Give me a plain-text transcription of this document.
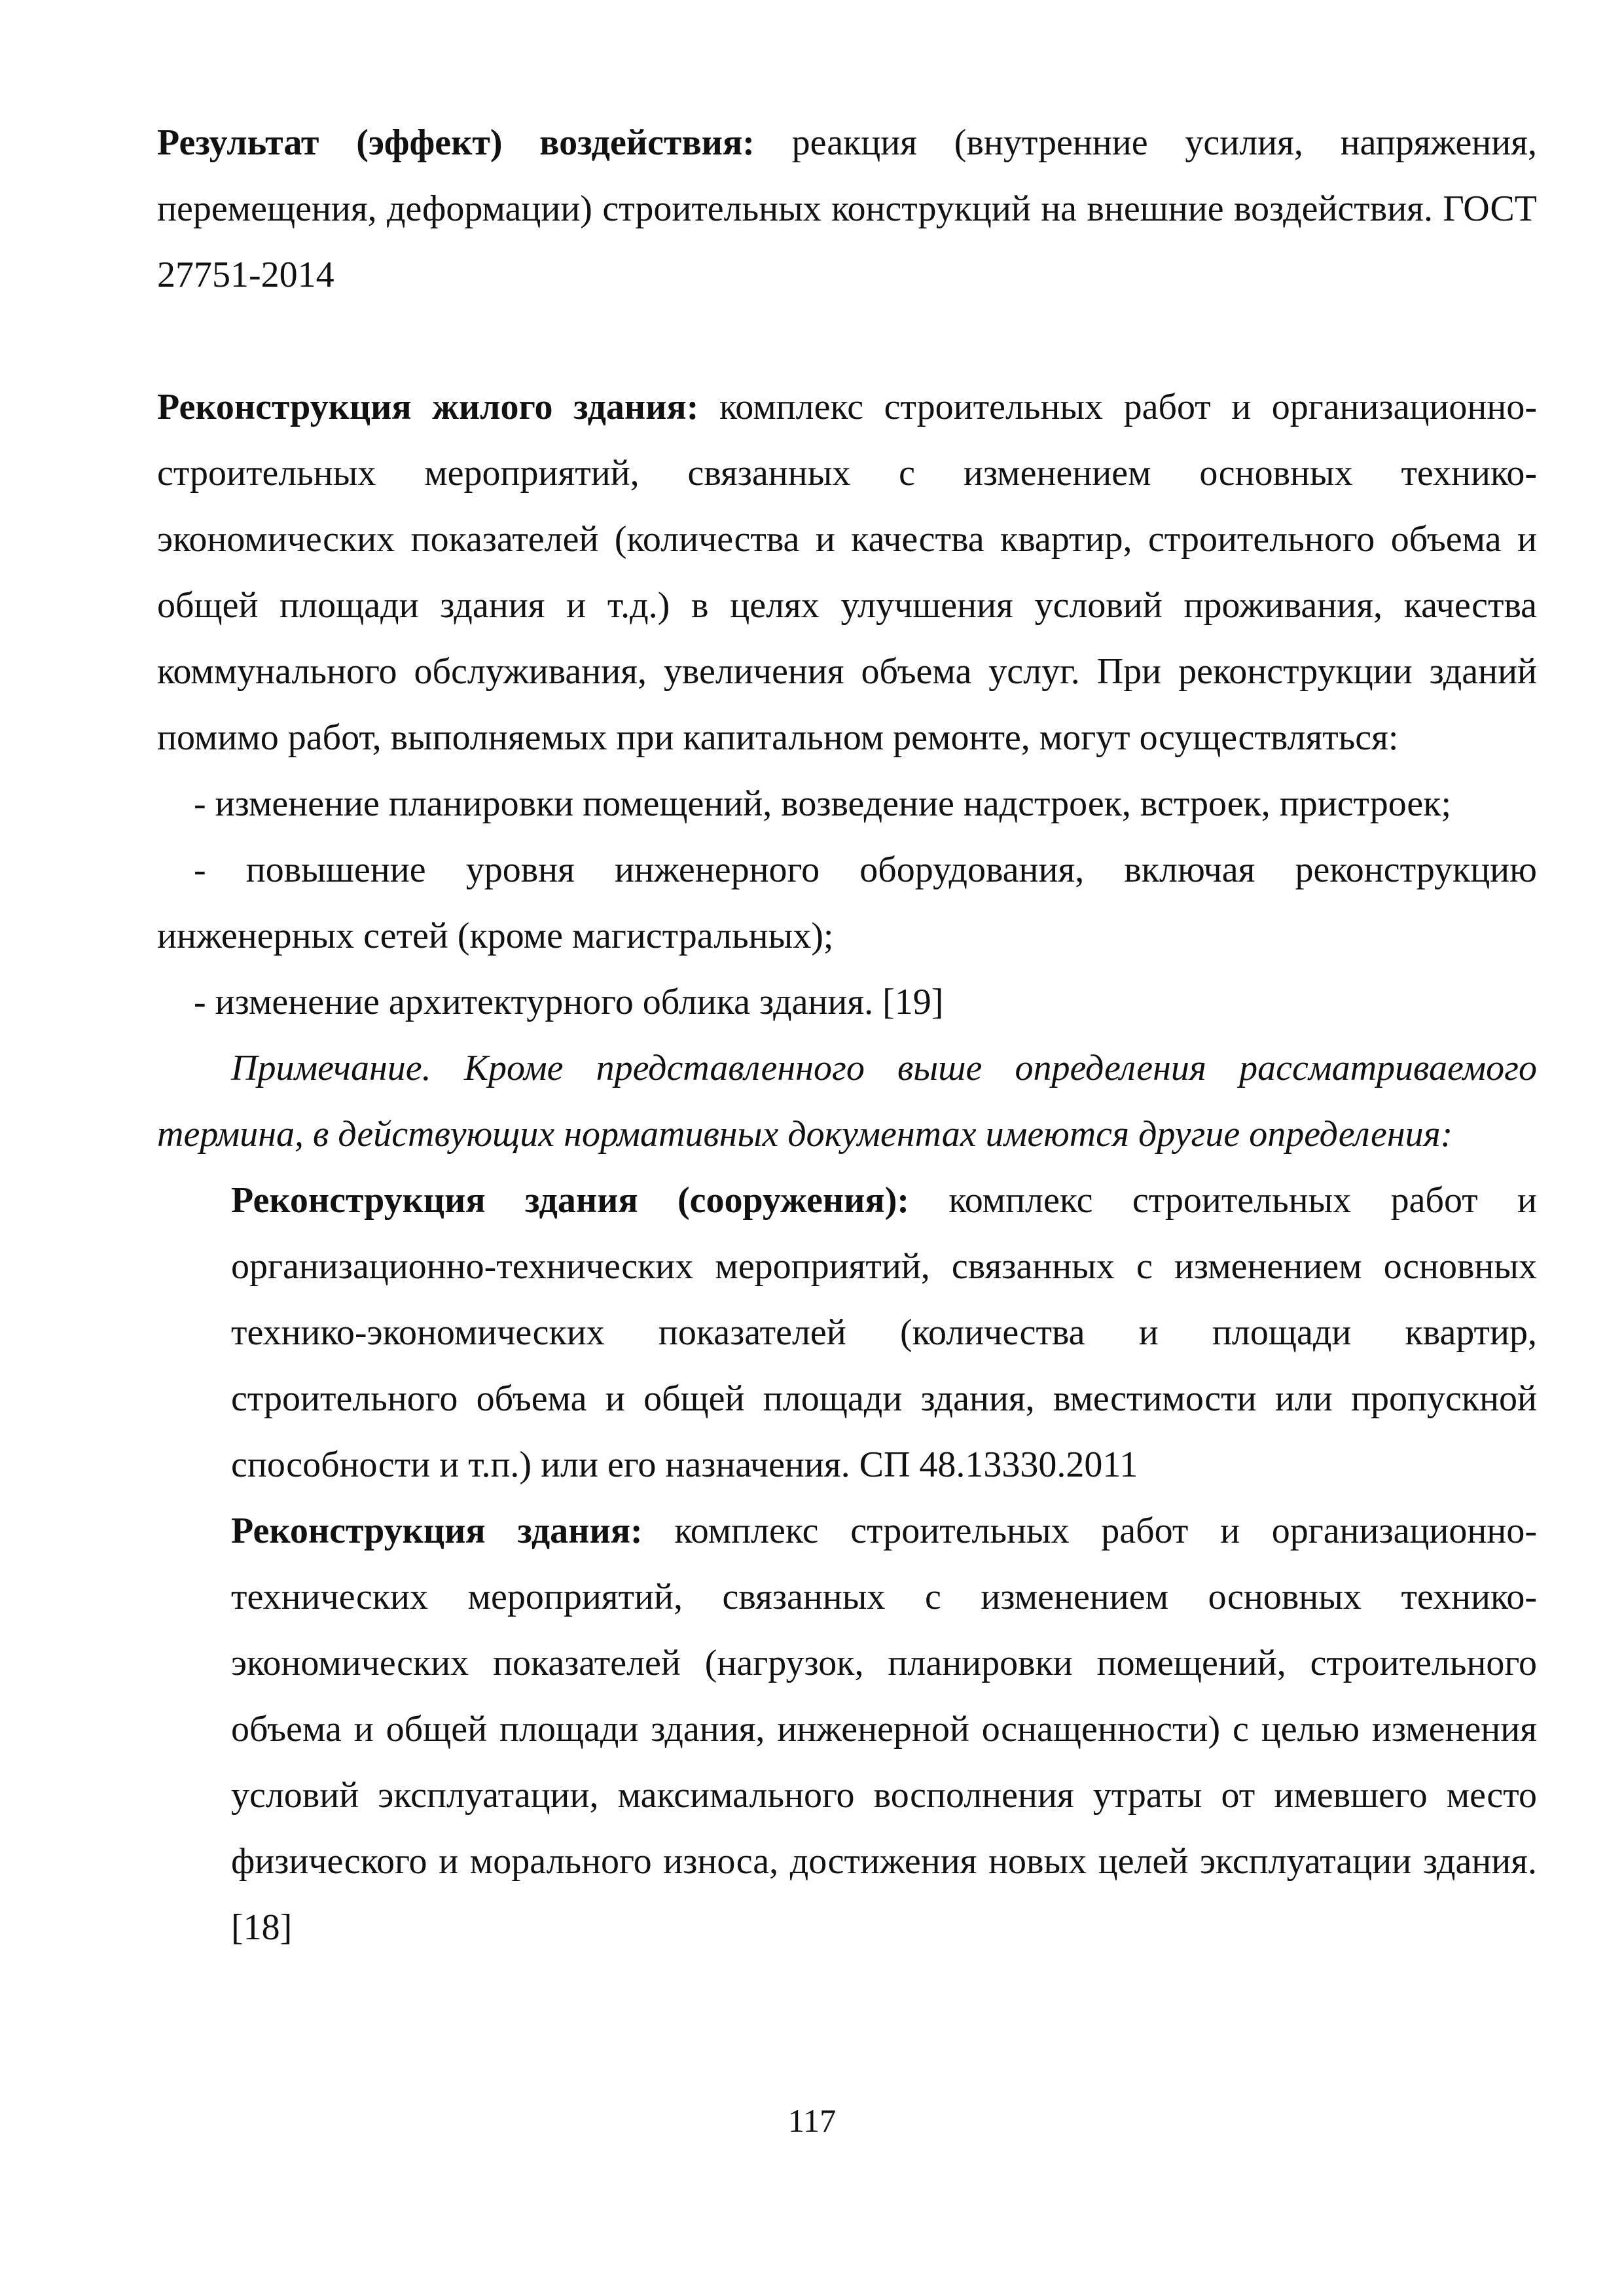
Результат (эффект) воздействия: реакция (внутренние усилия, напряжения, перемещения, деформации) строительных конструкций на внешние воздействия. ГОСТ 27751-2014

Реконструкция жилого здания: комплекс строительных работ и организационно-строительных мероприятий, связанных с изменением основных технико-экономических показателей (количества и качества квартир, строительного объема и общей площади здания и т.д.) в целях улучшения условий проживания, качества коммунального обслуживания, увеличения объема услуг. При реконструкции зданий помимо работ, выполняемых при капитальном ремонте, могут осуществляться:

- изменение планировки помещений, возведение надстроек, встроек, пристроек;

- повышение уровня инженерного оборудования, включая реконструкцию инженерных сетей (кроме магистральных);

- изменение архитектурного облика здания. [19]

Примечание. Кроме представленного выше определения рассматриваемого термина, в действующих нормативных документах имеются другие определения:

Реконструкция здания (сооружения): комплекс строительных работ и организационно-технических мероприятий, связанных с изменением основных технико-экономических показателей (количества и площади квартир, строительного объема и общей площади здания, вместимости или пропускной способности и т.п.) или его назначения. СП 48.13330.2011

Реконструкция здания: комплекс строительных работ и организационно-технических мероприятий, связанных с изменением основных технико-экономических показателей (нагрузок, планировки помещений, строительного объема и общей площади здания, инженерной оснащенности) с целью изменения условий эксплуатации, максимального восполнения утраты от имевшего место физического и морального износа, достижения новых целей эксплуатации здания. [18]

117
